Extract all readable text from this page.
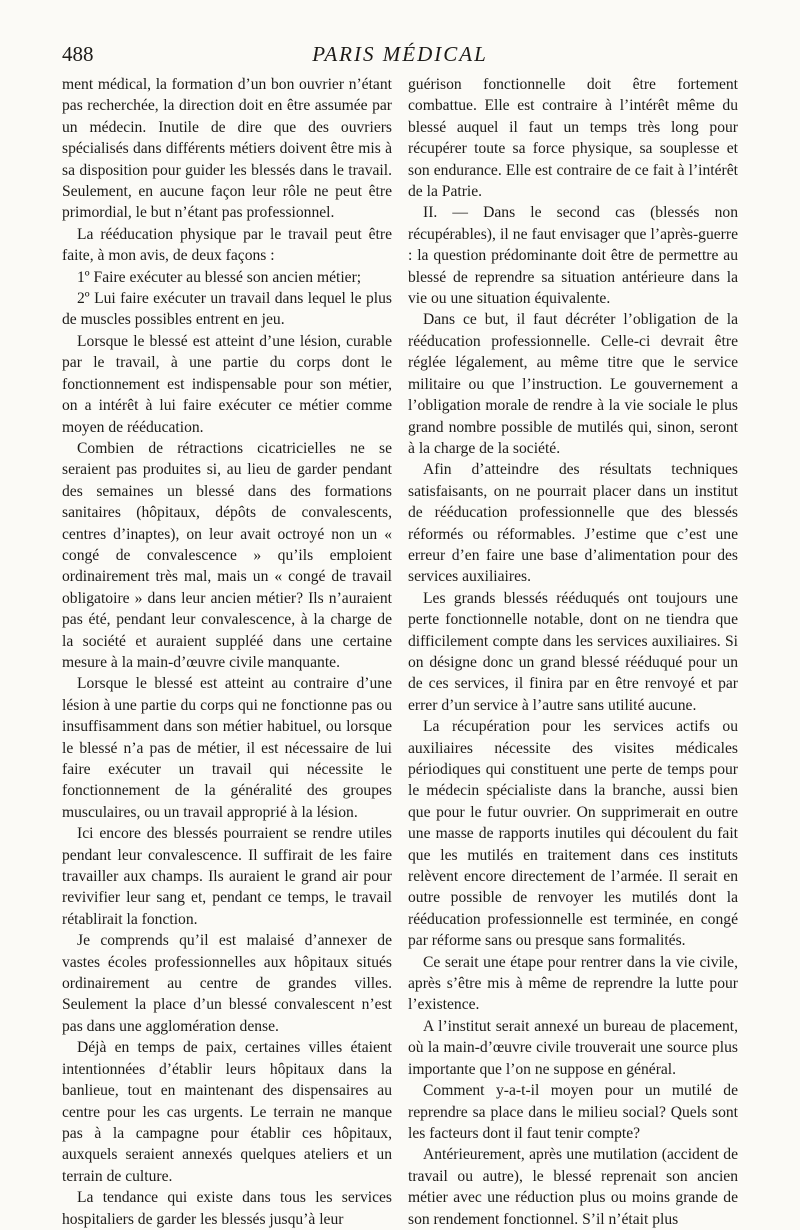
488	PARIS MÉDICAL

ment médical, la formation d’un bon ouvrier n’étant pas recherchée, la direction doit en être assumée par un médecin. Inutile de dire que des ouvriers spécialisés dans différents métiers doivent être mis à sa disposition pour guider les blessés dans le travail. Seulement, en aucune façon leur rôle ne peut être primordial, le but n’étant pas professionnel.

La rééducation physique par le travail peut être faite, à mon avis, de deux façons :

1º Faire exécuter au blessé son ancien métier;

2º Lui faire exécuter un travail dans lequel le plus de muscles possibles entrent en jeu.

Lorsque le blessé est atteint d’une lésion, curable par le travail, à une partie du corps dont le fonctionnement est indispensable pour son métier, on a intérêt à lui faire exécuter ce métier comme moyen de rééducation.

Combien de rétractions cicatricielles ne se seraient pas produites si, au lieu de garder pendant des semaines un blessé dans des formations sanitaires (hôpitaux, dépôts de convalescents, centres d’inaptes), on leur avait octroyé non un « congé de convalescence » qu’ils emploient ordinairement très mal, mais un « congé de travail obligatoire » dans leur ancien métier? Ils n’auraient pas été, pendant leur convalescence, à la charge de la société et auraient suppléé dans une certaine mesure à la main-d’œuvre civile manquante.

Lorsque le blessé est atteint au contraire d’une lésion à une partie du corps qui ne fonctionne pas ou insuffisamment dans son métier habituel, ou lorsque le blessé n’a pas de métier, il est nécessaire de lui faire exécuter un travail qui nécessite le fonctionnement de la généralité des groupes musculaires, ou un travail approprié à la lésion.

Ici encore des blessés pourraient se rendre utiles pendant leur convalescence. Il suffirait de les faire travailler aux champs. Ils auraient le grand air pour revivifier leur sang et, pendant ce temps, le travail rétablirait la fonction.

Je comprends qu’il est malaisé d’annexer de vastes écoles professionnelles aux hôpitaux situés ordinairement au centre de grandes villes. Seulement la place d’un blessé convalescent n’est pas dans une agglomération dense.

Déjà en temps de paix, certaines villes étaient intentionnées d’établir leurs hôpitaux dans la banlieue, tout en maintenant des dispensaires au centre pour les cas urgents. Le terrain ne manque pas à la campagne pour établir ces hôpitaux, auxquels seraient annexés quelques ateliers et un terrain de culture.

La tendance qui existe dans tous les services hospitaliers de garder les blessés jusqu’à leur

guérison fonctionnelle doit être fortement combattue. Elle est contraire à l’intérêt même du blessé auquel il faut un temps très long pour récupérer toute sa force physique, sa souplesse et son endurance. Elle est contraire de ce fait à l’intérêt de la Patrie.

II. — Dans le second cas (blessés non récupérables), il ne faut envisager que l’après-guerre : la question prédominante doit être de permettre au blessé de reprendre sa situation antérieure dans la vie ou une situation équivalente.

Dans ce but, il faut décréter l’obligation de la rééducation professionnelle. Celle-ci devrait être réglée légalement, au même titre que le service militaire ou que l’instruction. Le gouvernement a l’obligation morale de rendre à la vie sociale le plus grand nombre possible de mutilés qui, sinon, seront à la charge de la société.

Afin d’atteindre des résultats techniques satisfaisants, on ne pourrait placer dans un institut de rééducation professionnelle que des blessés réformés ou réformables. J’estime que c’est une erreur d’en faire une base d’alimentation pour des services auxiliaires.

Les grands blessés rééduqués ont toujours une perte fonctionnelle notable, dont on ne tiendra que difficilement compte dans les services auxiliaires. Si on désigne donc un grand blessé rééduqué pour un de ces services, il finira par en être renvoyé et par errer d’un service à l’autre sans utilité aucune.

La récupération pour les services actifs ou auxiliaires nécessite des visites médicales périodiques qui constituent une perte de temps pour le médecin spécialiste dans la branche, aussi bien que pour le futur ouvrier. On supprimerait en outre une masse de rapports inutiles qui découlent du fait que les mutilés en traitement dans ces instituts relèvent encore directement de l’armée. Il serait en outre possible de renvoyer les mutilés dont la rééducation professionnelle est terminée, en congé par réforme sans ou presque sans formalités.

Ce serait une étape pour rentrer dans la vie civile, après s’être mis à même de reprendre la lutte pour l’existence.

A l’institut serait annexé un bureau de placement, où la main-d’œuvre civile trouverait une source plus importante que l’on ne suppose en général.

Comment y-a-t-il moyen pour un mutilé de reprendre sa place dans le milieu social? Quels sont les facteurs dont il faut tenir compte?

Antérieurement, après une mutilation (accident de travail ou autre), le blessé reprenait son ancien métier avec une réduction plus ou moins grande de son rendement fonctionnel. S’il n’était plus
